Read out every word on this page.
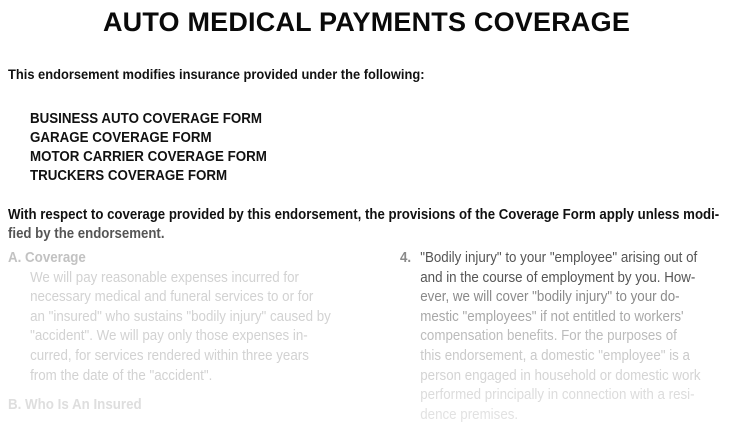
AUTO MEDICAL PAYMENTS COVERAGE
This endorsement modifies insurance provided under the following:
BUSINESS AUTO COVERAGE FORM
GARAGE COVERAGE FORM
MOTOR CARRIER COVERAGE FORM
TRUCKERS COVERAGE FORM
With respect to coverage provided by this endorsement, the provisions of the Coverage Form apply unless modi-
fied by the endorsement.
A. Coverage
We will pay reasonable expenses incurred for
necessary medical and funeral services to or for
an "insured" who sustains "bodily injury" caused by
"accident". We will pay only those expenses in-
curred, for services rendered within three years
from the date of the "accident".
B. Who Is An Insured
4. "Bodily injury" to your "employee" arising out of
and in the course of employment by you. How-
ever, we will cover "bodily injury" to your do-
mestic "employees" if not entitled to workers'
compensation benefits. For the purposes of
this endorsement, a domestic "employee" is a
person engaged in household or domestic work
performed principally in connection with a resi-
dence premises.
